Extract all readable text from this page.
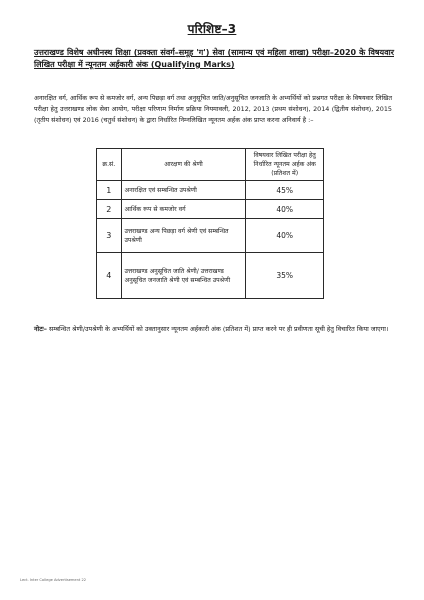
परिशिष्ट–3
उत्तराखण्ड विशेष अधीनस्थ शिक्षा (प्रवक्ता संवर्ग–समूह 'ग') सेवा (सामान्य एवं महिला शाखा) परीक्षा–2020 के विषयवार लिखित परीक्षा में न्यूनतम अर्हकारी अंक (Qualifying Marks)
अनारक्षित वर्ग, आर्थिक रूप से कमजोर वर्ग, अन्य पिछड़ा वर्ग तथा अनुसूचित जाति/अनुसूचित जनजाति के अभ्यर्थियों को प्रश्नगत परीक्षा के विषयवार लिखित परीक्षा हेतु उत्तराखण्ड लोक सेवा आयोग, परीक्षा परिणाम निर्माण प्रक्रिया नियमावली, 2012, 2013 (प्रथम संशोधन), 2014 (द्वितीय संशोधन), 2015 (तृतीय संशोधन) एवं 2016 (चतुर्थ संशोधन) के द्वारा निर्धारित निम्नलिखित न्यूनतम अर्हक अंक प्राप्त करना अनिवार्य है :–
क्र.सं.	आरक्षण की श्रेणी	विषयवार लिखित परीक्षा हेतु निर्धारित न्यूनतम अर्हक अंक (प्रतिशत में)
1	अनारक्षित एवं सम्बन्धित उपश्रेणी	45%
2	आर्थिक रूप से कमजोर वर्ग	40%
3	उत्तराखण्ड अन्य पिछड़ा वर्ग श्रेणी एवं सम्बन्धित उपश्रेणी	40%
4	उत्तराखण्ड अनुसूचित जाति श्रेणी/ उत्तराखण्ड अनुसूचित जनजाति श्रेणी एवं सम्बन्धित उपश्रेणी	35%
नोटः– सम्बन्धित श्रेणी/उपश्रेणी के अभ्यर्थियों को उक्तानुसार न्यूनतम अर्हकारी अंक (प्रतिशत में) प्राप्त करने पर ही प्रवीणता सूची हेतु विचारित किया जाएगा।
Lect. Inter College Advertisement 22
